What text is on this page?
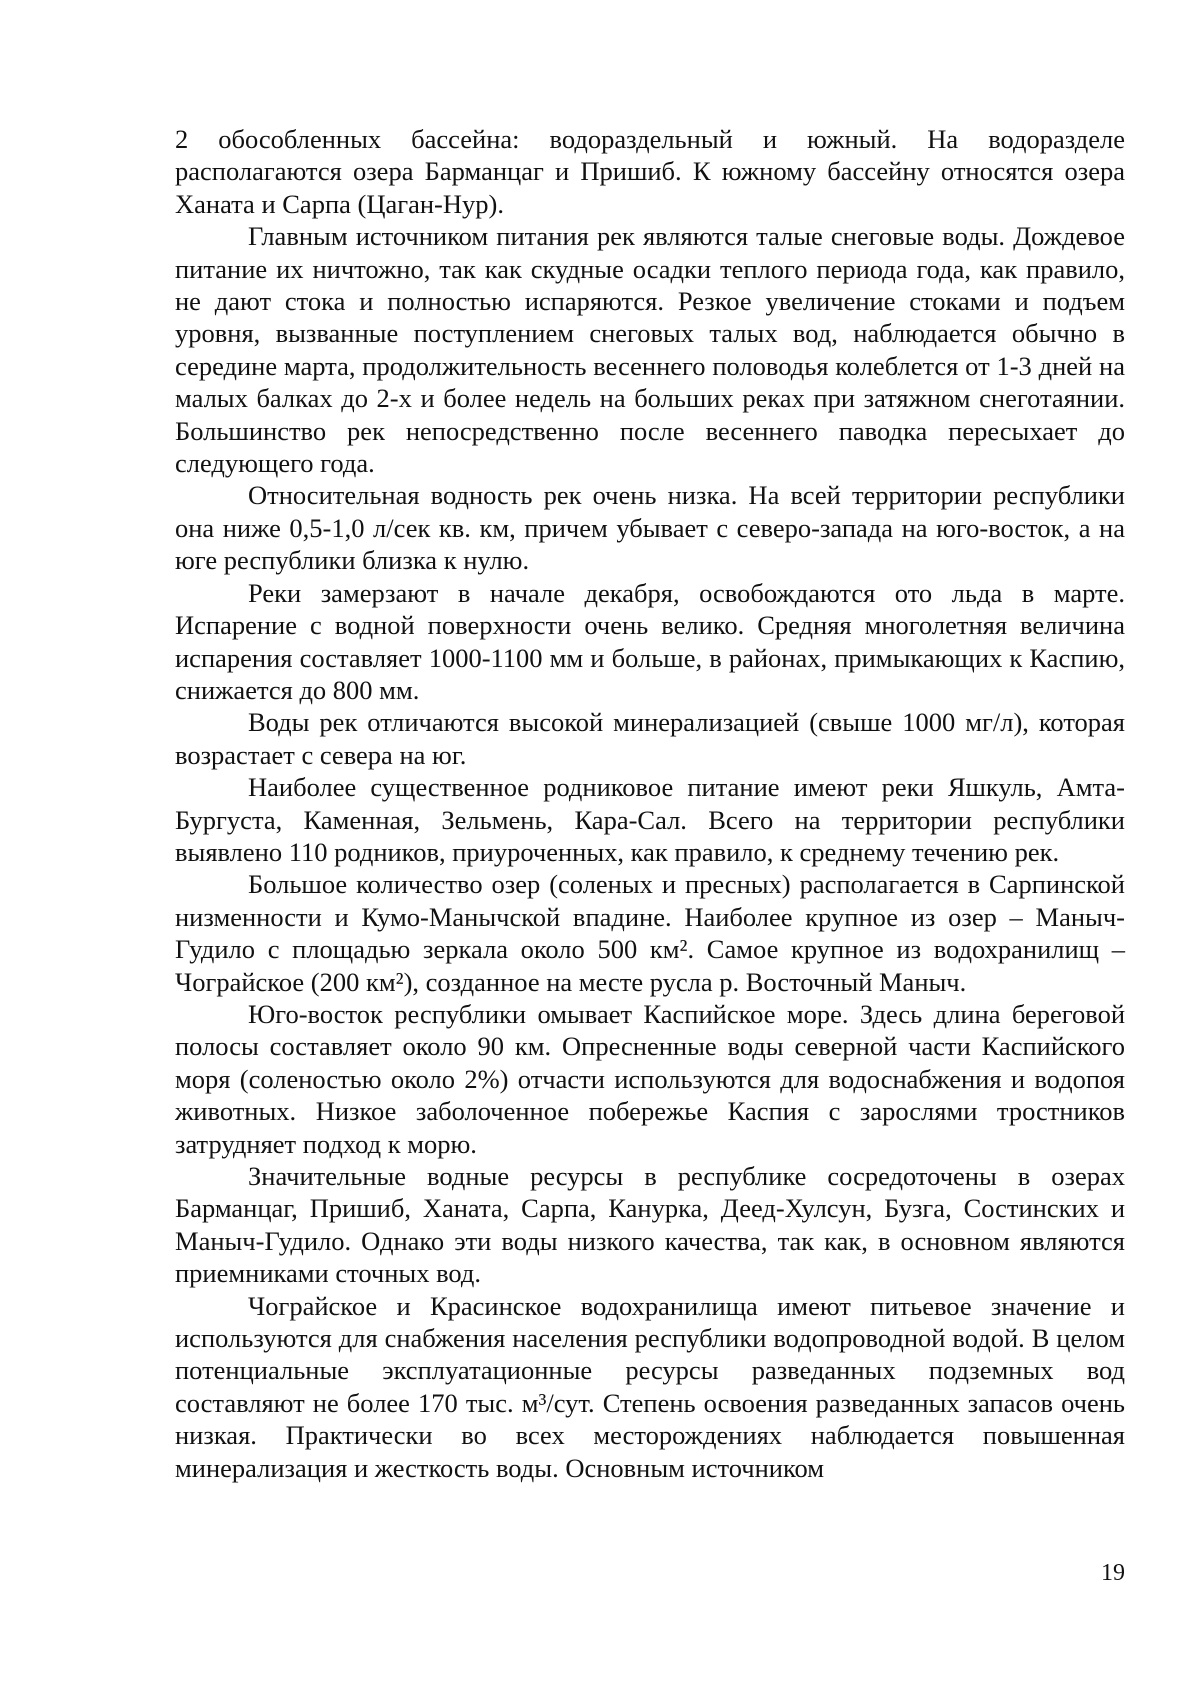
2 обособленных бассейна: водораздельный и южный. На водоразделе располагаются озера Барманцаг и Пришиб. К южному бассейну относятся озера Ханата и Сарпа (Цаган-Нур).

Главным источником питания рек являются талые снеговые воды. Дождевое питание их ничтожно, так как скудные осадки теплого периода года, как правило, не дают стока и полностью испаряются. Резкое увеличение стоками и подъем уровня, вызванные поступлением снеговых талых вод, наблюдается обычно в середине марта, продолжительность весеннего половодья колеблется от 1-3 дней на малых балках до 2-х и более недель на больших реках при затяжном снеготаянии. Большинство рек непосредственно после весеннего паводка пересыхает до следующего года.

Относительная водность рек очень низка. На всей территории республики она ниже 0,5-1,0 л/сек кв. км, причем убывает с северо-запада на юго-восток, а на юге республики близка к нулю.

Реки замерзают в начале декабря, освобождаются ото льда в марте. Испарение с водной поверхности очень велико. Средняя многолетняя величина испарения составляет 1000-1100 мм и больше, в районах, примыкающих к Каспию, снижается до 800 мм.

Воды рек отличаются высокой минерализацией (свыше 1000 мг/л), которая возрастает с севера на юг.

Наиболее существенное родниковое питание имеют реки Яшкуль, Амта-Бургуста, Каменная, Зельмень, Кара-Сал. Всего на территории республики выявлено 110 родников, приуроченных, как правило, к среднему течению рек.

Большое количество озер (соленых и пресных) располагается в Сарпинской низменности и Кумо-Манычской впадине. Наиболее крупное из озер – Маныч-Гудило с площадью зеркала около 500 км². Самое крупное из водохранилищ – Чограйское (200 км²), созданное на месте русла р. Восточный Маныч.

Юго-восток республики омывает Каспийское море. Здесь длина береговой полосы составляет около 90 км. Опресненные воды северной части Каспийского моря (соленостью около 2%) отчасти используются для водоснабжения и водопоя животных. Низкое заболоченное побережье Каспия с зарослями тростников затрудняет подход к морю.

Значительные водные ресурсы в республике сосредоточены в озерах Барманцаг, Пришиб, Ханата, Сарпа, Канурка, Деед-Хулсун, Бузга, Состинских и Маныч-Гудило. Однако эти воды низкого качества, так как, в основном являются приемниками сточных вод.

Чограйское и Красинское водохранилища имеют питьевое значение и используются для снабжения населения республики водопроводной водой. В целом потенциальные эксплуатационные ресурсы разведанных подземных вод составляют не более 170 тыс. м³/сут. Степень освоения разведанных запасов очень низкая. Практически во всех месторождениях наблюдается повышенная минерализация и жесткость воды. Основным источником

19
